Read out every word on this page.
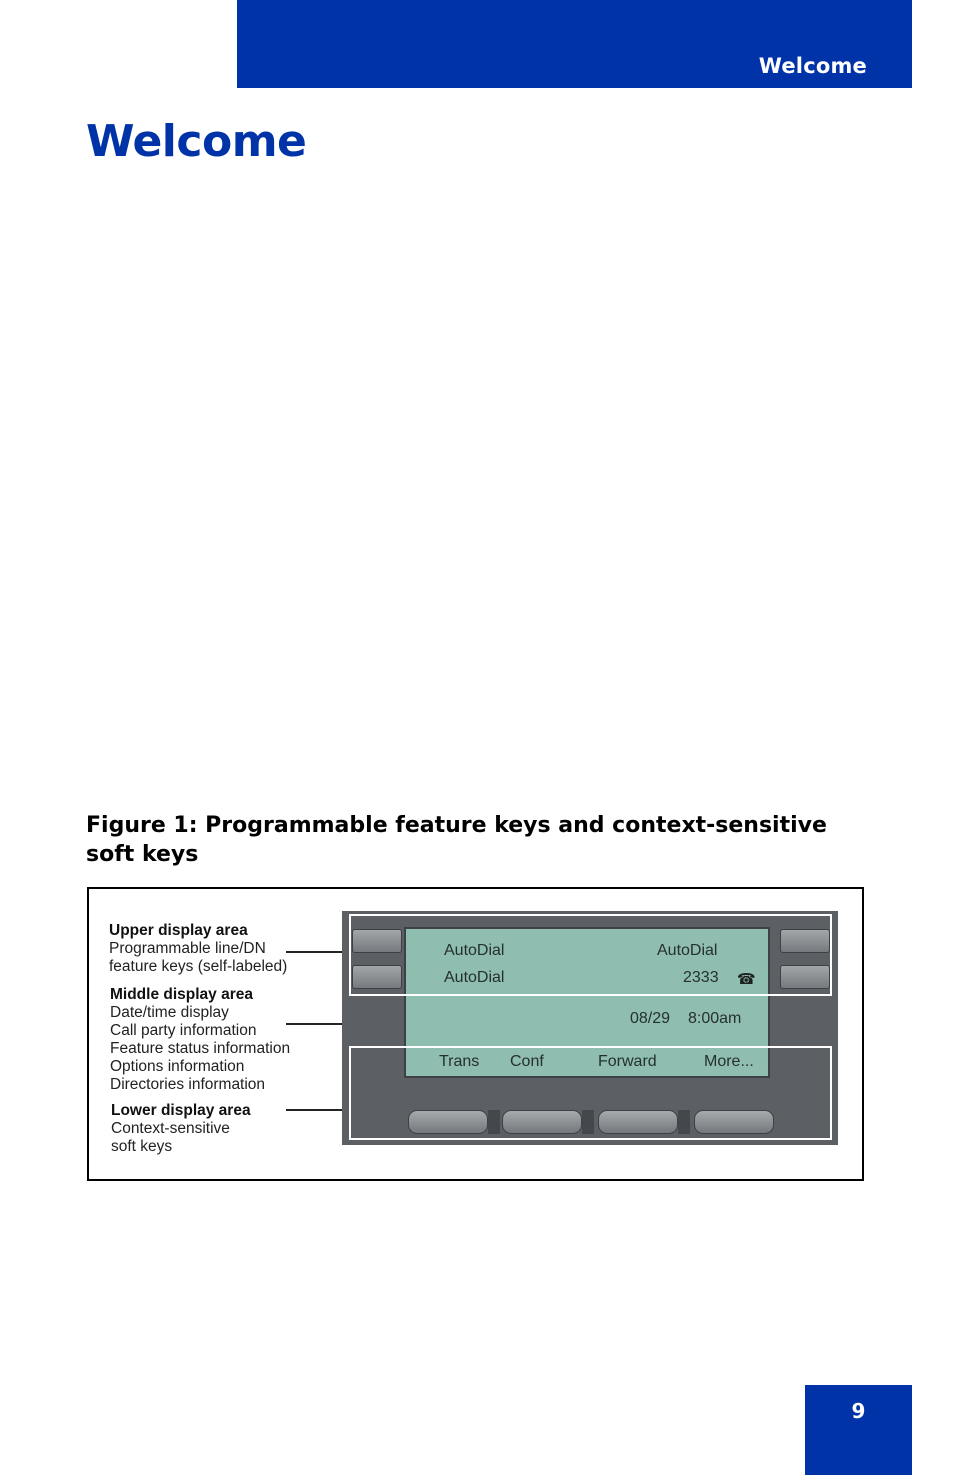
Welcome
Welcome
Figure 1: Programmable feature keys and context-sensitive soft keys
Upper display area
Programmable line/DN
feature keys (self-labeled)
Middle display area
Date/time display
Call party information
Feature status information
Options information
Directories information
Lower display area
Context-sensitive
soft keys
AutoDial	AutoDial
AutoDial	2333 ☎
08/29 8:00am
Trans Conf	Forward	More...
9
